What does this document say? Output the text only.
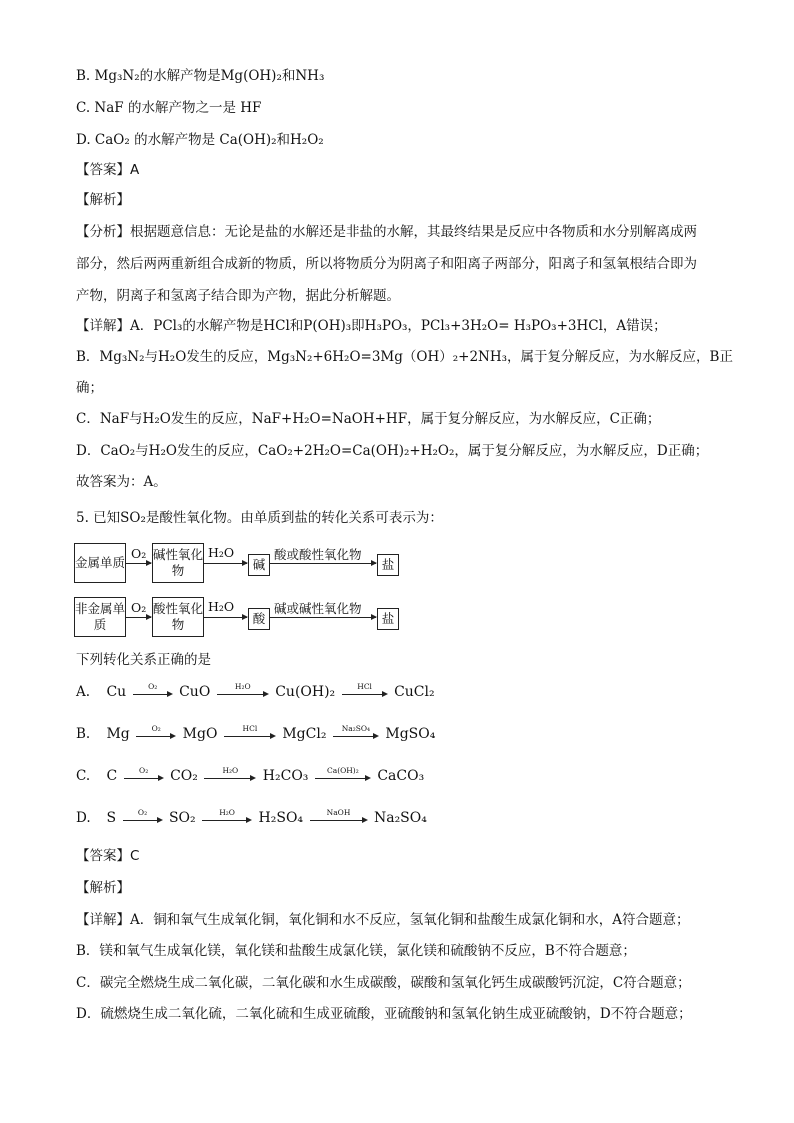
B. Mg₃N₂的水解产物是Mg(OH)₂和NH₃
C. NaF 的水解产物之一是 HF
D. CaO₂ 的水解产物是 Ca(OH)₂和H₂O₂
【答案】A
【解析】
【分析】根据题意信息：无论是盐的水解还是非盐的水解，其最终结果是反应中各物质和水分别解离成两
部分，然后两两重新组合成新的物质，所以将物质分为阴离子和阳离子两部分，阳离子和氢氧根结合即为
产物，阴离子和氢离子结合即为产物，据此分析解题。
【详解】A．PCl₃的水解产物是HCl和P(OH)₃即H₃PO₃，PCl₃+3H₂O= H₃PO₃+3HCl，A错误；
B．Mg₃N₂与H₂O发生的反应，Mg₃N₂+6H₂O=3Mg（OH）₂+2NH₃，属于复分解反应，为水解反应，B正
确；
C．NaF与H₂O发生的反应，NaF+H₂O=NaOH+HF，属于复分解反应，为水解反应，C正确；
D．CaO₂与H₂O发生的反应，CaO₂+2H₂O=Ca(OH)₂+H₂O₂，属于复分解反应，为水解反应，D正确；
故答案为：A。
5. 已知SO₂是酸性氧化物。由单质到盐的转化关系可表示为：
金属单质
O₂ 碱性氧化物
H₂O
碱
酸或酸性氧化物
盐
非金属单质
O₂ 酸性氧化物
H₂O
酸
碱或碱性氧化物
盐
下列转化关系正确的是
A. Cu	O₂	CuO	H₂O	Cu(OH)₂	HCl	CuCl₂
B. Mg	O₂	MgO	HCl	MgCl₂	Na₂SO₄	MgSO₄
C. C	O₂	CO₂	H₂O	H₂CO₃	Ca(OH)₂	CaCO₃
D. S	O₂	SO₂	H₂O	H₂SO₄	NaOH	Na₂SO₄
【答案】C
【解析】
【详解】A．铜和氧气生成氧化铜，氧化铜和水不反应，氢氧化铜和盐酸生成氯化铜和水，A符合题意；
B．镁和氧气生成氧化镁，氧化镁和盐酸生成氯化镁，氯化镁和硫酸钠不反应，B不符合题意；
C．碳完全燃烧生成二氧化碳，二氧化碳和水生成碳酸，碳酸和氢氧化钙生成碳酸钙沉淀，C符合题意；
D．硫燃烧生成二氧化硫，二氧化硫和生成亚硫酸，亚硫酸钠和氢氧化钠生成亚硫酸钠，D不符合题意；
